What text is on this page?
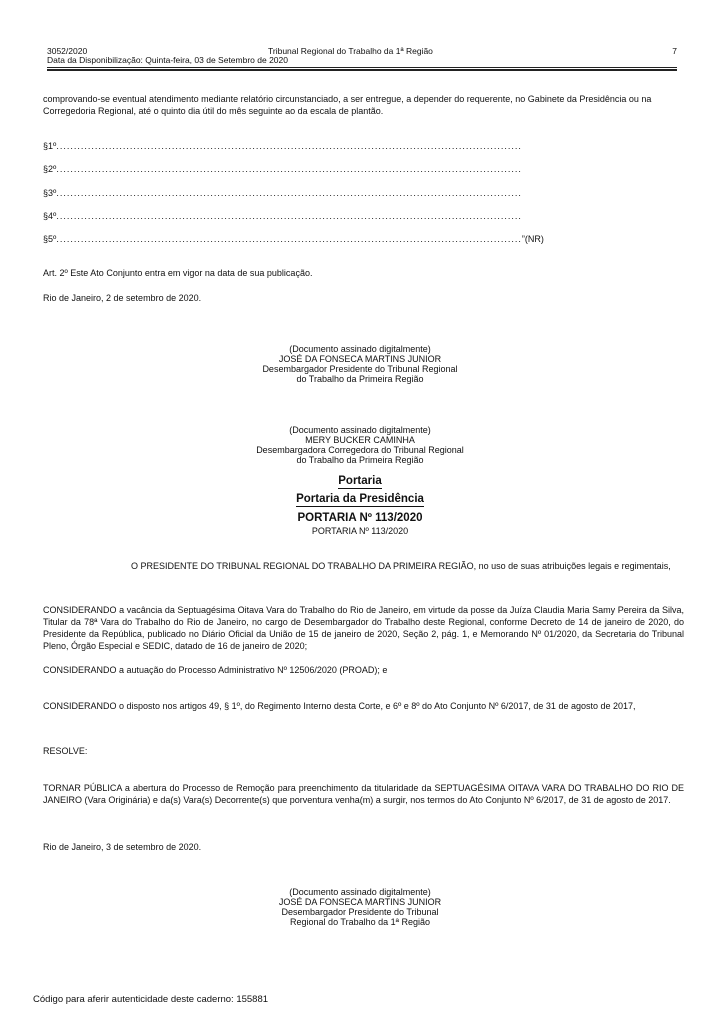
3052/2020
Data da Disponibilização: Quinta-feira, 03 de Setembro de 2020
Tribunal Regional do Trabalho da 1ª Região	7

comprovando-se eventual atendimento mediante relatório circunstanciado, a ser entregue, a depender do requerente, no Gabinete da Presidência ou na Corregedoria Regional, até o quinto dia útil do mês seguinte ao da escala de plantão.

§1º .....................................................................................................................................
§2º .....................................................................................................................................
§3º .....................................................................................................................................
§4º .....................................................................................................................................
§5º ..................................................................................................................................... ”(NR)

Art. 2º Este Ato Conjunto entra em vigor na data de sua publicação.

Rio de Janeiro, 2 de setembro de 2020.

(Documento assinado digitalmente)
JOSÉ DA FONSECA MARTINS JUNIOR
Desembargador Presidente do Tribunal Regional
do Trabalho da Primeira Região
(Documento assinado digitalmente)
MERY BUCKER CAMINHA
Desembargadora Corregedora do Tribunal Regional
do Trabalho da Primeira Região
Portaria
Portaria da Presidência
PORTARIA Nº 113/2020
PORTARIA Nº 113/2020

O PRESIDENTE DO TRIBUNAL REGIONAL DO TRABALHO DA PRIMEIRA REGIÃO, no uso de suas atribuições legais e regimentais,

CONSIDERANDO a vacância da Septuagésima Oitava Vara do Trabalho do Rio de Janeiro, em virtude da posse da Juíza Claudia Maria Samy Pereira da Silva, Titular da 78ª Vara do Trabalho do Rio de Janeiro, no cargo de Desembargador do Trabalho deste Regional, conforme Decreto de 14 de janeiro de 2020, do Presidente da República, publicado no Diário Oficial da União de 15 de janeiro de 2020, Seção 2, pág. 1, e Memorando Nº 01/2020, da Secretaria do Tribunal Pleno, Órgão Especial e SEDIC, datado de 16 de janeiro de 2020;

CONSIDERANDO a autuação do Processo Administrativo Nº 12506/2020 (PROAD); e

CONSIDERANDO o disposto nos artigos 49, § 1º, do Regimento Interno desta Corte, e 6º e 8º do Ato Conjunto Nº 6/2017, de 31 de agosto de 2017,

RESOLVE:

TORNAR PÚBLICA a abertura do Processo de Remoção para preenchimento da titularidade da SEPTUAGÉSIMA OITAVA VARA DO TRABALHO DO RIO DE JANEIRO (Vara Originária) e da(s) Vara(s) Decorrente(s) que porventura venha(m) a surgir, nos termos do Ato Conjunto Nº 6/2017, de 31 de agosto de 2017.

Rio de Janeiro, 3 de setembro de 2020.

(Documento assinado digitalmente)
JOSÉ DA FONSECA MARTINS JUNIOR
Desembargador Presidente do Tribunal
Regional do Trabalho da 1ª Região
Código para aferir autenticidade deste caderno: 155881
